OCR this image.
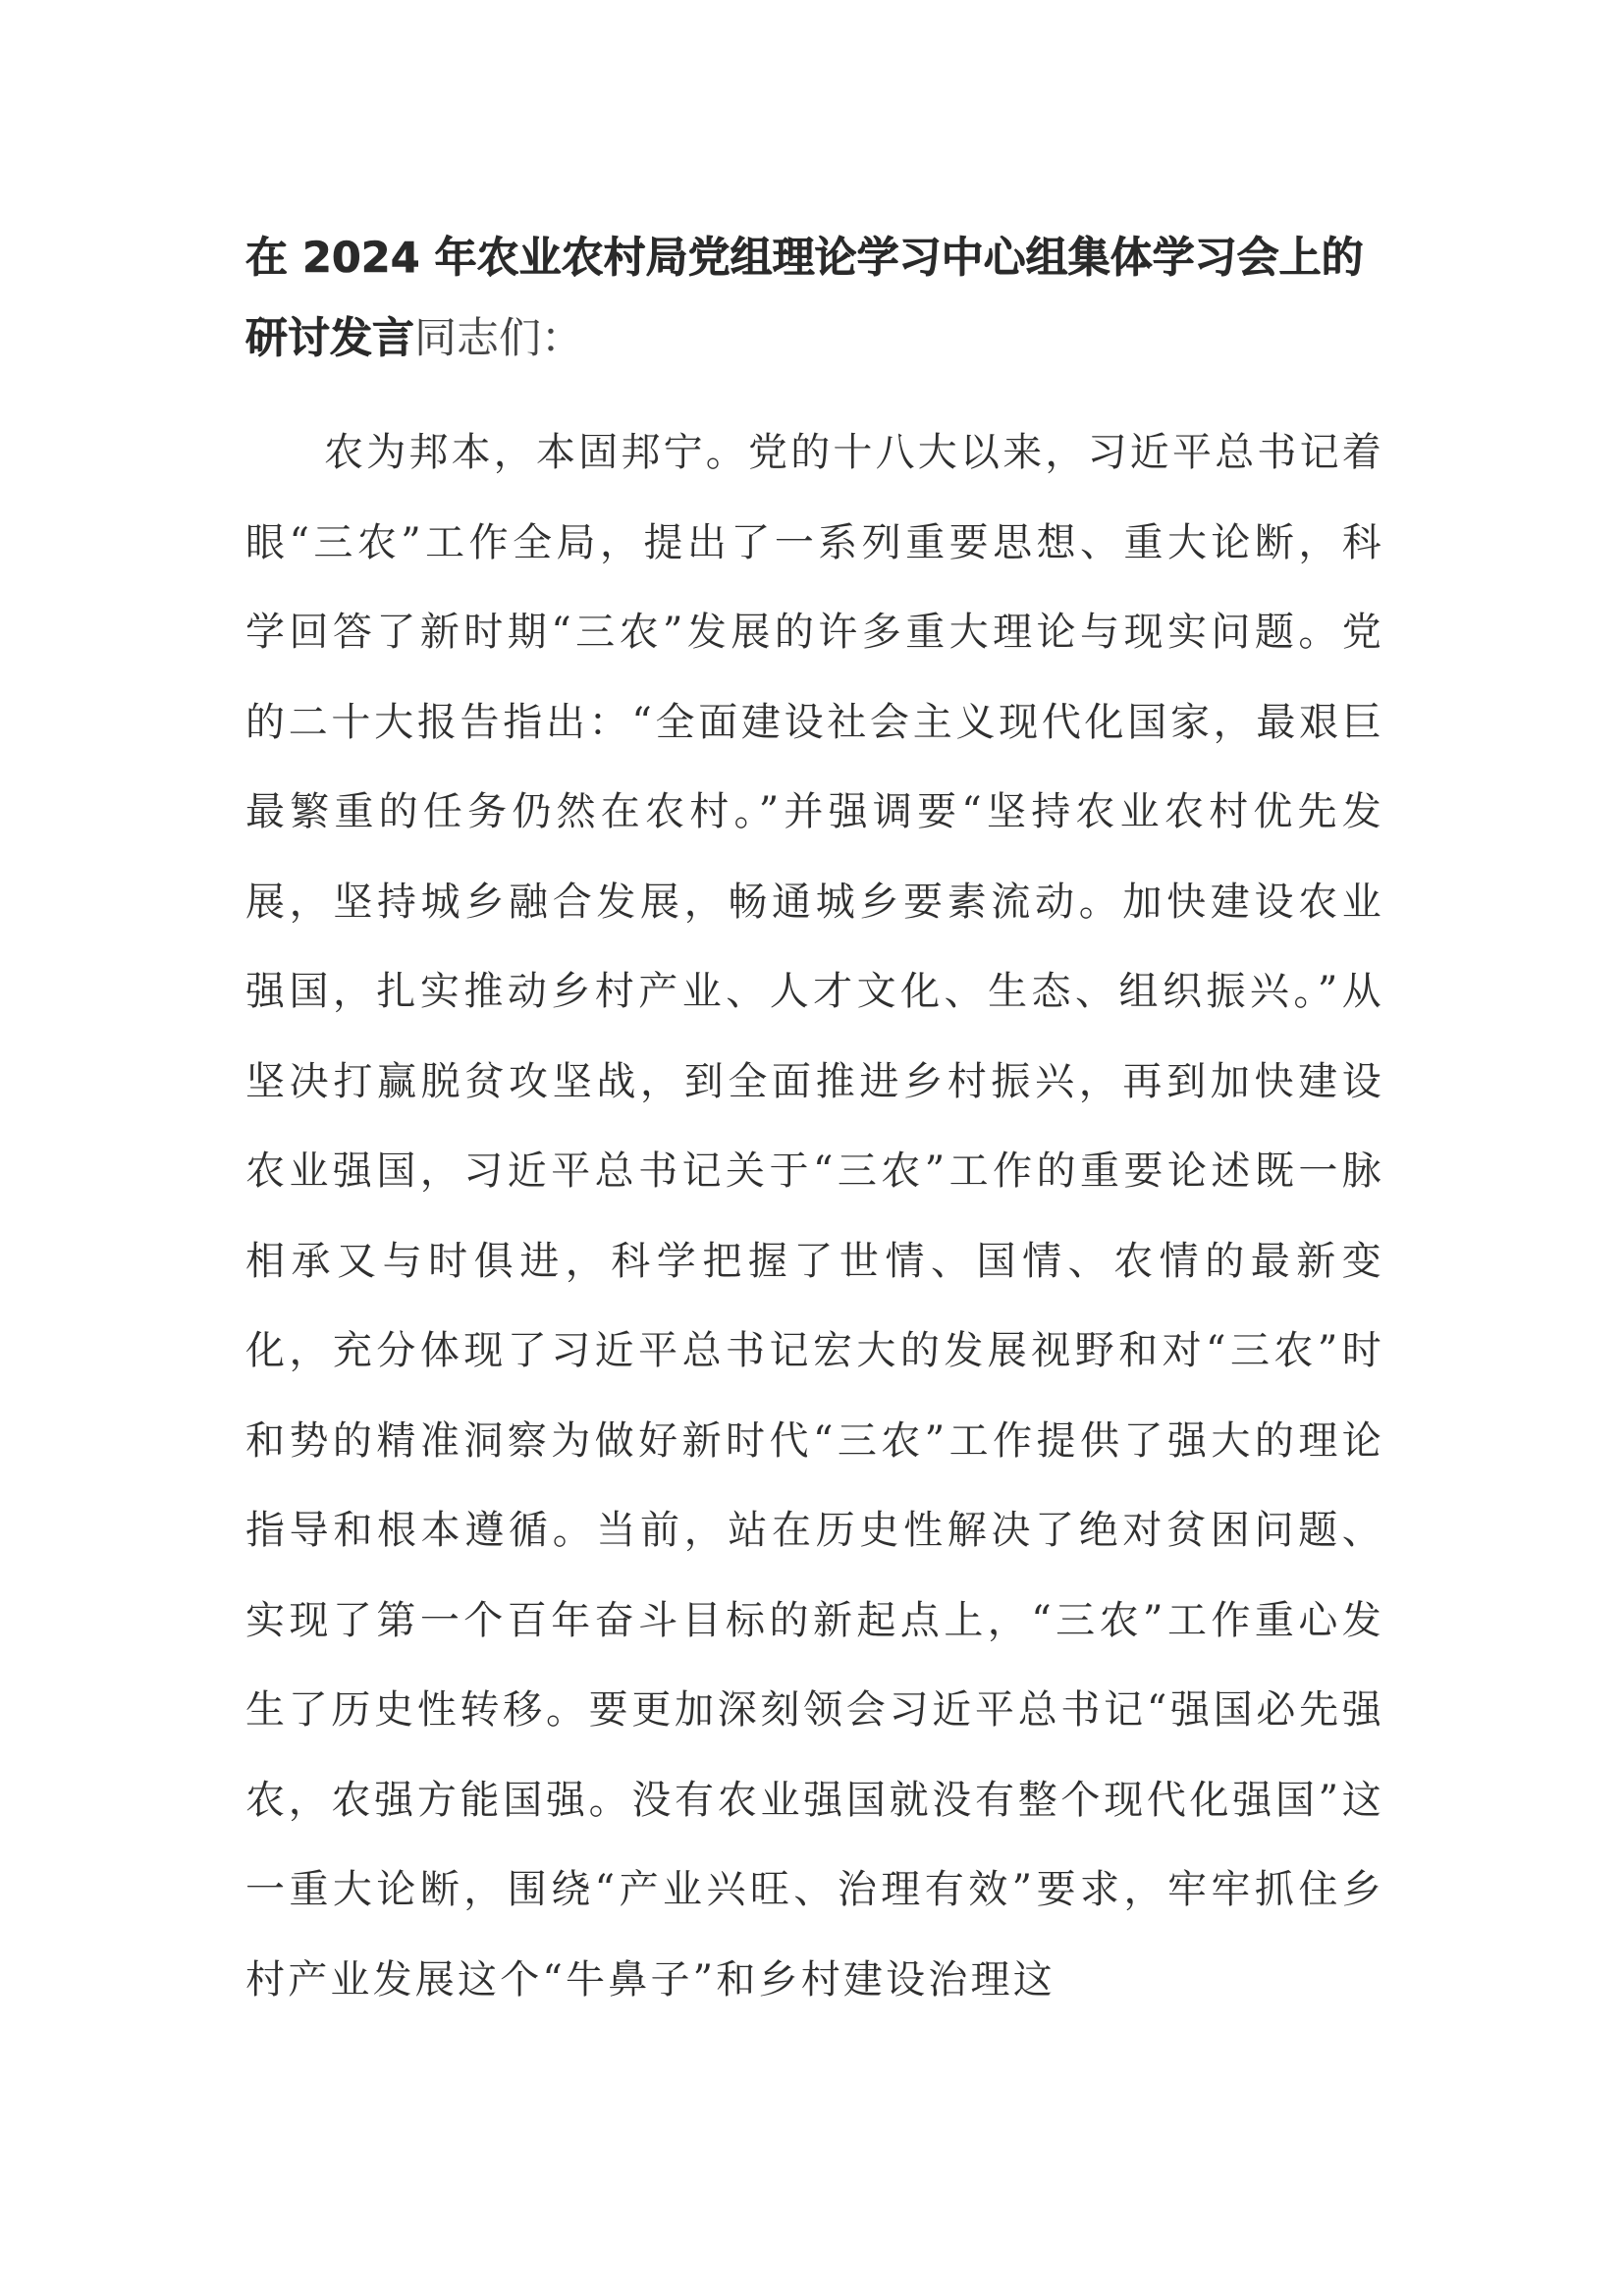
在 2024 年农业农村局党组理论学习中心组集体学习会上的研讨发言同志们：

农为邦本，本固邦宁。党的十八大以来，习近平总书记着眼“三农”工作全局，提出了一系列重要思想、重大论断，科学回答了新时期“三农”发展的许多重大理论与现实问题。党的二十大报告指出：“全面建设社会主义现代化国家，最艰巨最繁重的任务仍然在农村。”并强调要“坚持农业农村优先发展，坚持城乡融合发展，畅通城乡要素流动。加快建设农业强国，扎实推动乡村产业、人才文化、生态、组织振兴。”从坚决打赢脱贫攻坚战，到全面推进乡村振兴，再到加快建设农业强国，习近平总书记关于“三农”工作的重要论述既一脉相承又与时俱进，科学把握了世情、国情、农情的最新变化，充分体现了习近平总书记宏大的发展视野和对“三农”时和势的精准洞察为做好新时代“三农”工作提供了强大的理论指导和根本遵循。当前，站在历史性解决了绝对贫困问题、实现了第一个百年奋斗目标的新起点上，“三农”工作重心发生了历史性转移。要更加深刻领会习近平总书记“强国必先强农，农强方能国强。没有农业强国就没有整个现代化强国”这一重大论断，围绕“产业兴旺、治理有效”要求，牢牢抓住乡村产业发展这个“牛鼻子”和乡村建设治理这
